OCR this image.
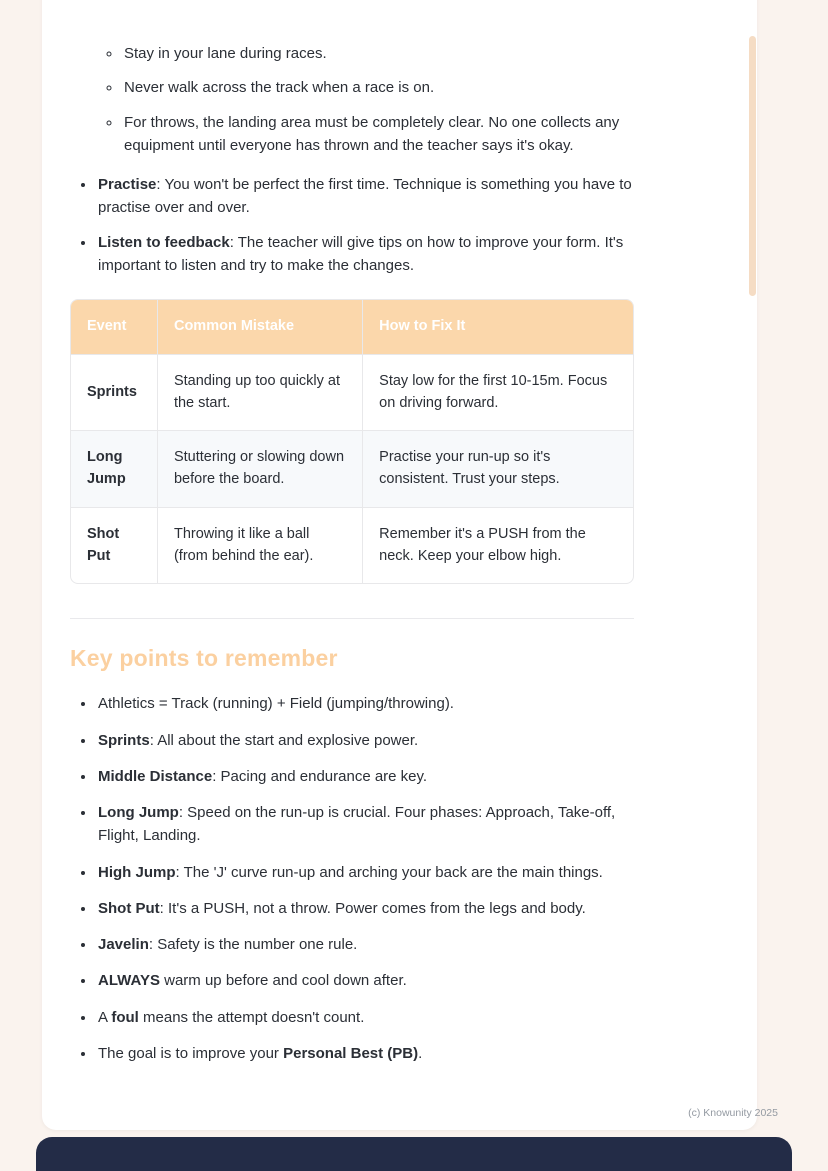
◦ Stay in your lane during races.
◦ Never walk across the track when a race is on.
◦ For throws, the landing area must be completely clear. No one collects any equipment until everyone has thrown and the teacher says it's okay.
• Practise: You won't be perfect the first time. Technique is something you have to practise over and over.
• Listen to feedback: The teacher will give tips on how to improve your form. It's important to listen and try to make the changes.
Event	Common Mistake	How to Fix It
Sprints	Standing up too quickly at the start.	Stay low for the first 10-15m. Focus on driving forward.
Long Jump	Stuttering or slowing down before the board.	Practise your run-up so it's consistent. Trust your steps.
Shot Put	Throwing it like a ball (from behind the ear).	Remember it's a PUSH from the neck. Keep your elbow high.
Key points to remember
• Athletics = Track (running) + Field (jumping/throwing).
• Sprints: All about the start and explosive power.
• Middle Distance: Pacing and endurance are key.
• Long Jump: Speed on the run-up is crucial. Four phases: Approach, Take-off, Flight, Landing.
• High Jump: The 'J' curve run-up and arching your back are the main things.
• Shot Put: It's a PUSH, not a throw. Power comes from the legs and body.
• Javelin: Safety is the number one rule.
• ALWAYS warm up before and cool down after.
• A foul means the attempt doesn't count.
• The goal is to improve your Personal Best (PB).
(c) Knowunity 2025
